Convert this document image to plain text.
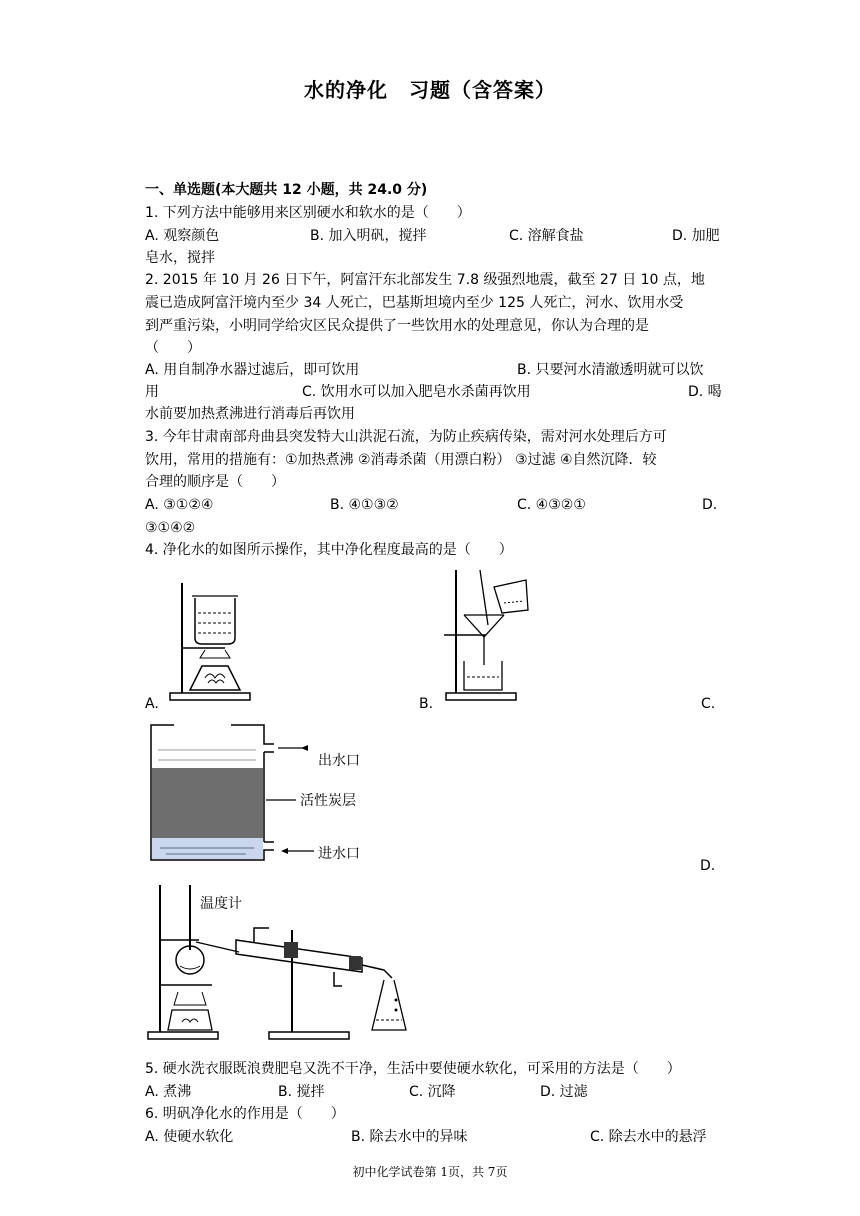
水的净化　习题（含答案）
一、单选题(本大题共 12 小题，共 24.0 分)
1. 下列方法中能够用来区别硬水和软水的是（　　）
A. 观察颜色	B. 加入明矾，搅拌	C. 溶解食盐	D. 加肥
皂水，搅拌
2. 2015 年 10 月 26 日下午，阿富汗东北部发生 7.8 级强烈地震，截至 27 日 10 点，地
震已造成阿富汗境内至少 34 人死亡，巴基斯坦境内至少 125 人死亡，河水、饮用水受
到严重污染，小明同学给灾区民众提供了一些饮用水的处理意见，你认为合理的是
（　　）
A. 用自制净水器过滤后，即可饮用	B. 只要河水清澈透明就可以饮
用	C. 饮用水可以加入肥皂水杀菌再饮用	D. 喝
水前要加热煮沸进行消毒后再饮用
3. 今年甘肃南部舟曲县突发特大山洪泥石流，为防止疾病传染，需对河水处理后方可
饮用，常用的措施有：①加热煮沸 ②消毒杀菌（用漂白粉） ③过滤 ④自然沉降．较
合理的顺序是（　　）
A. ③①②④	B. ④①③②	C. ④③②①	D.
③①④②
4. 净化水的如图所示操作，其中净化程度最高的是（　　）
A.	B.	C.
出水口
活性炭层
进水口
D.
温度计
5. 硬水洗衣服既浪费肥皂又洗不干净，生活中要使硬水软化，可采用的方法是（　　）
A. 煮沸	B. 搅拌	C. 沉降	D. 过滤
6. 明矾净化水的作用是（　　）
A. 使硬水软化	B. 除去水中的异味	C. 除去水中的悬浮
初中化学试卷第 1页，共 7页
